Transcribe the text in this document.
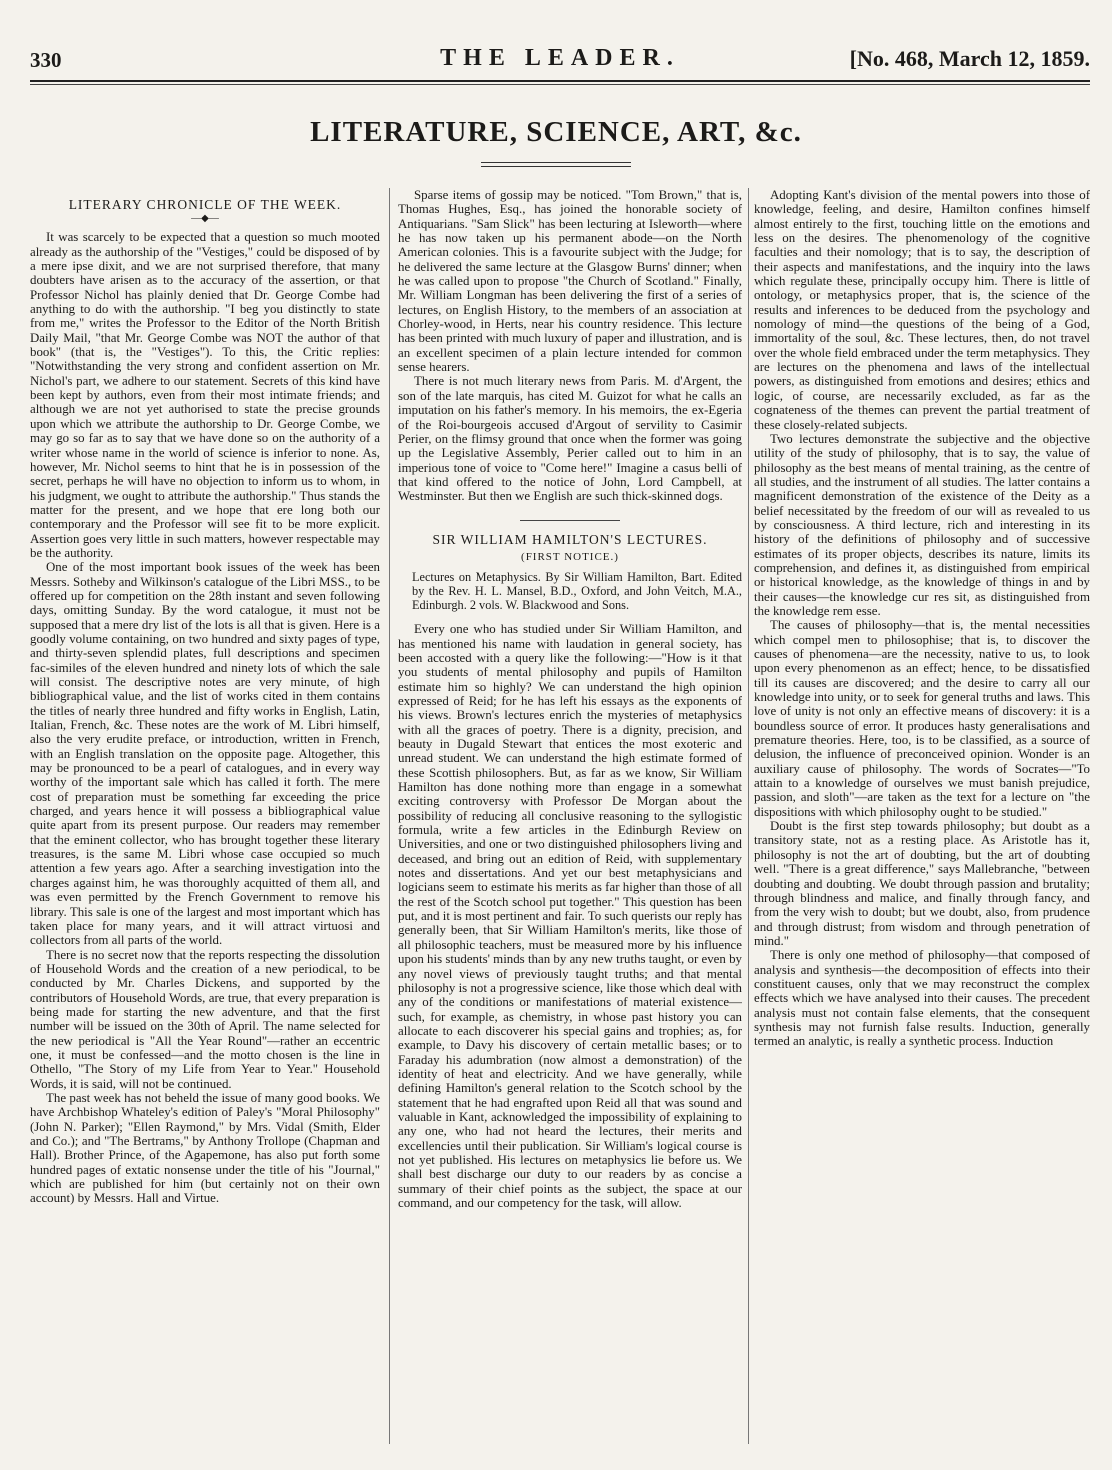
330	THE LEADER.	[No. 468, March 12, 1859.
LITERATURE, SCIENCE, ART, &c.
LITERARY CHRONICLE OF THE WEEK.
—◆—

It was scarcely to be expected that a question so much mooted already as the authorship of the "Vestiges," could be disposed of by a mere ipse dixit, and we are not surprised therefore, that many doubters have arisen as to the accuracy of the assertion, or that Professor Nichol has plainly denied that Dr. George Combe had anything to do with the authorship. "I beg you distinctly to state from me," writes the Professor to the Editor of the North British Daily Mail, "that Mr. George Combe was NOT the author of that book" (that is, the "Vestiges"). To this, the Critic replies: "Notwithstanding the very strong and confident assertion on Mr. Nichol's part, we adhere to our statement. Secrets of this kind have been kept by authors, even from their most intimate friends; and although we are not yet authorised to state the precise grounds upon which we attribute the authorship to Dr. George Combe, we may go so far as to say that we have done so on the authority of a writer whose name in the world of science is inferior to none. As, however, Mr. Nichol seems to hint that he is in possession of the secret, perhaps he will have no objection to inform us to whom, in his judgment, we ought to attribute the authorship." Thus stands the matter for the present, and we hope that ere long both our contemporary and the Professor will see fit to be more explicit. Assertion goes very little in such matters, however respectable may be the authority.

One of the most important book issues of the week has been Messrs. Sotheby and Wilkinson's catalogue of the Libri MSS., to be offered up for competition on the 28th instant and seven following days, omitting Sunday. By the word catalogue, it must not be supposed that a mere dry list of the lots is all that is given. Here is a goodly volume containing, on two hundred and sixty pages of type, and thirty-seven splendid plates, full descriptions and specimen fac-similes of the eleven hundred and ninety lots of which the sale will consist. The descriptive notes are very minute, of high bibliographical value, and the list of works cited in them contains the titles of nearly three hundred and fifty works in English, Latin, Italian, French, &c. These notes are the work of M. Libri himself, also the very erudite preface, or introduction, written in French, with an English translation on the opposite page. Altogether, this may be pronounced to be a pearl of catalogues, and in every way worthy of the important sale which has called it forth. The mere cost of preparation must be something far exceeding the price charged, and years hence it will possess a bibliographical value quite apart from its present purpose. Our readers may remember that the eminent collector, who has brought together these literary treasures, is the same M. Libri whose case occupied so much attention a few years ago. After a searching investigation into the charges against him, he was thoroughly acquitted of them all, and was even permitted by the French Government to remove his library. This sale is one of the largest and most important which has taken place for many years, and it will attract virtuosi and collectors from all parts of the world.

There is no secret now that the reports respecting the dissolution of Household Words and the creation of a new periodical, to be conducted by Mr. Charles Dickens, and supported by the contributors of Household Words, are true, that every preparation is being made for starting the new adventure, and that the first number will be issued on the 30th of April. The name selected for the new periodical is "All the Year Round"—rather an eccentric one, it must be confessed—and the motto chosen is the line in Othello, "The Story of my Life from Year to Year." Household Words, it is said, will not be continued.

The past week has not beheld the issue of many good books. We have Archbishop Whateley's edition of Paley's "Moral Philosophy" (John N. Parker); "Ellen Raymond," by Mrs. Vidal (Smith, Elder and Co.); and "The Bertrams," by Anthony Trollope (Chapman and Hall). Brother Prince, of the Agapemone, has also put forth some hundred pages of extatic nonsense under the title of his "Journal," which are published for him (but certainly not on their own account) by Messrs. Hall and Virtue.

Sparse items of gossip may be noticed. "Tom Brown," that is, Thomas Hughes, Esq., has joined the honorable society of Antiquarians. "Sam Slick" has been lecturing at Isleworth—where he has now taken up his permanent abode—on the North American colonies. This is a favourite subject with the Judge; for he delivered the same lecture at the Glasgow Burns' dinner; when he was called upon to propose "the Church of Scotland." Finally, Mr. William Longman has been delivering the first of a series of lectures, on English History, to the members of an association at Chorley-wood, in Herts, near his country residence. This lecture has been printed with much luxury of paper and illustration, and is an excellent specimen of a plain lecture intended for common sense hearers.

There is not much literary news from Paris. M. d'Argent, the son of the late marquis, has cited M. Guizot for what he calls an imputation on his father's memory. In his memoirs, the ex-Egeria of the Roi-bourgeois accused d'Argout of servility to Casimir Perier, on the flimsy ground that once when the former was going up the Legislative Assembly, Perier called out to him in an imperious tone of voice to "Come here!" Imagine a casus belli of that kind offered to the notice of John, Lord Campbell, at Westminster. But then we English are such thick-skinned dogs.

SIR WILLIAM HAMILTON'S LECTURES.
(FIRST NOTICE.)
Lectures on Metaphysics. By Sir William Hamilton, Bart. Edited by the Rev. H. L. Mansel, B.D., Oxford, and John Veitch, M.A., Edinburgh. 2 vols. W. Blackwood and Sons.

Every one who has studied under Sir William Hamilton, and has mentioned his name with laudation in general society, has been accosted with a query like the following:—"How is it that you students of mental philosophy and pupils of Hamilton estimate him so highly? We can understand the high opinion expressed of Reid; for he has left his essays as the exponents of his views. Brown's lectures enrich the mysteries of metaphysics with all the graces of poetry. There is a dignity, precision, and beauty in Dugald Stewart that entices the most exoteric and unread student. We can understand the high estimate formed of these Scottish philosophers. But, as far as we know, Sir William Hamilton has done nothing more than engage in a somewhat exciting controversy with Professor De Morgan about the possibility of reducing all conclusive reasoning to the syllogistic formula, write a few articles in the Edinburgh Review on Universities, and one or two distinguished philosophers living and deceased, and bring out an edition of Reid, with supplementary notes and dissertations. And yet our best metaphysicians and logicians seem to estimate his merits as far higher than those of all the rest of the Scotch school put together." This question has been put, and it is most pertinent and fair. To such querists our reply has generally been, that Sir William Hamilton's merits, like those of all philosophic teachers, must be measured more by his influence upon his students' minds than by any new truths taught, or even by any novel views of previously taught truths; and that mental philosophy is not a progressive science, like those which deal with any of the conditions or manifestations of material existence—such, for example, as chemistry, in whose past history you can allocate to each discoverer his special gains and trophies; as, for example, to Davy his discovery of certain metallic bases; or to Faraday his adumbration (now almost a demonstration) of the identity of heat and electricity. And we have generally, while defining Hamilton's general relation to the Scotch school by the statement that he had engrafted upon Reid all that was sound and valuable in Kant, acknowledged the impossibility of explaining to any one, who had not heard the lectures, their merits and excellencies until their publication. Sir William's logical course is not yet published. His lectures on metaphysics lie before us. We shall best discharge our duty to our readers by as concise a summary of their chief points as the subject, the space at our command, and our competency for the task, will allow.

Adopting Kant's division of the mental powers into those of knowledge, feeling, and desire, Hamilton confines himself almost entirely to the first, touching little on the emotions and less on the desires. The phenomenology of the cognitive faculties and their nomology; that is to say, the description of their aspects and manifestations, and the inquiry into the laws which regulate these, principally occupy him. There is little of ontology, or metaphysics proper, that is, the science of the results and inferences to be deduced from the psychology and nomology of mind—the questions of the being of a God, immortality of the soul, &c. These lectures, then, do not travel over the whole field embraced under the term metaphysics. They are lectures on the phenomena and laws of the intellectual powers, as distinguished from emotions and desires; ethics and logic, of course, are necessarily excluded, as far as the cognateness of the themes can prevent the partial treatment of these closely-related subjects.

Two lectures demonstrate the subjective and the objective utility of the study of philosophy, that is to say, the value of philosophy as the best means of mental training, as the centre of all studies, and the instrument of all studies. The latter contains a magnificent demonstration of the existence of the Deity as a belief necessitated by the freedom of our will as revealed to us by consciousness. A third lecture, rich and interesting in its history of the definitions of philosophy and of successive estimates of its proper objects, describes its nature, limits its comprehension, and defines it, as distinguished from empirical or historical knowledge, as the knowledge of things in and by their causes—the knowledge cur res sit, as distinguished from the knowledge rem esse.

The causes of philosophy—that is, the mental necessities which compel men to philosophise; that is, to discover the causes of phenomena—are the necessity, native to us, to look upon every phenomenon as an effect; hence, to be dissatisfied till its causes are discovered; and the desire to carry all our knowledge into unity, or to seek for general truths and laws. This love of unity is not only an effective means of discovery: it is a boundless source of error. It produces hasty generalisations and premature theories. Here, too, is to be classified, as a source of delusion, the influence of preconceived opinion. Wonder is an auxiliary cause of philosophy. The words of Socrates—"To attain to a knowledge of ourselves we must banish prejudice, passion, and sloth"—are taken as the text for a lecture on "the dispositions with which philosophy ought to be studied."

Doubt is the first step towards philosophy; but doubt as a transitory state, not as a resting place. As Aristotle has it, philosophy is not the art of doubting, but the art of doubting well. "There is a great difference," says Mallebranche, "between doubting and doubting. We doubt through passion and brutality; through blindness and malice, and finally through fancy, and from the very wish to doubt; but we doubt, also, from prudence and through distrust; from wisdom and through penetration of mind."

There is only one method of philosophy—that composed of analysis and synthesis—the decomposition of effects into their constituent causes, only that we may reconstruct the complex effects which we have analysed into their causes. The precedent analysis must not contain false elements, that the consequent synthesis may not furnish false results. Induction, generally termed an analytic, is really a synthetic process. Induction
